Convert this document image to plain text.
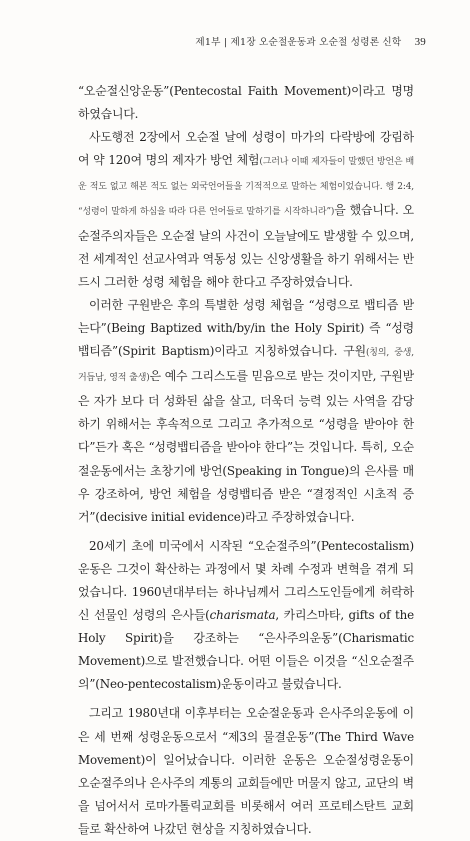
제1부 | 제1장 오순절운동과 오순절 성령론 신학 39

“오순절신앙운동”(Pentecostal Faith Movement)이라고 명명하였습니다.

사도행전 2장에서 오순절 날에 성령이 마가의 다락방에 강림하여 약 120여 명의 제자가 방언 체험(그러나 이때 제자들이 말했던 방언은 배운 적도 없고 해본 적도 없는 외국언어들을 기적적으로 말하는 체험이었습니다. 행 2:4, “성령이 말하게 하심을 따라 다른 언어들로 말하기를 시작하니라”)을 했습니다. 오순절주의자들은 오순절 날의 사건이 오늘날에도 발생할 수 있으며, 전 세계적인 선교사역과 역동성 있는 신앙생활을 하기 위해서는 반드시 그러한 성령 체험을 해야 한다고 주장하였습니다.

이러한 구원받은 후의 특별한 성령 체험을 “성령으로 뱁티즘 받는다”(Being Baptized with/by/in the Holy Spirit) 즉 “성령뱁티즘”(Spirit Baptism)이라고 지칭하였습니다. 구원(칭의, 중생, 거듭남, 영적 출생)은 예수 그리스도를 믿음으로 받는 것이지만, 구원받은 자가 보다 더 성화된 삶을 살고, 더욱더 능력 있는 사역을 감당하기 위해서는 후속적으로 그리고 추가적으로 “성령을 받아야 한다”든가 혹은 “성령뱁티즘을 받아야 한다”는 것입니다. 특히, 오순절운동에서는 초창기에 방언(Speaking in Tongue)의 은사를 매우 강조하여, 방언 체험을 성령뱁티즘 받은 “결정적인 시초적 증거”(decisive initial evidence)라고 주장하였습니다.

20세기 초에 미국에서 시작된 “오순절주의”(Pentecostalism) 운동은 그것이 확산하는 과정에서 몇 차례 수정과 변혁을 겪게 되었습니다. 1960년대부터는 하나님께서 그리스도인들에게 허락하신 선물인 성령의 은사들(charismata, 카리스마타, gifts of the Holy Spirit)을 강조하는 “은사주의운동”(Charismatic Movement)으로 발전했습니다. 어떤 이들은 이것을 “신오순절주의”(Neo-pentecostalism)운동이라고 불렀습니다.

그리고 1980년대 이후부터는 오순절운동과 은사주의운동에 이은 세 번째 성령운동으로서 “제3의 물결운동”(The Third Wave Movement)이 일어났습니다. 이러한 운동은 오순절성령운동이 오순절주의나 은사주의 계통의 교회들에만 머물지 않고, 교단의 벽을 넘어서서 로마가톨릭교회를 비롯해서 여러 프로테스탄트 교회들로 확산하여 나갔던 현상을 지칭하였습니다.
